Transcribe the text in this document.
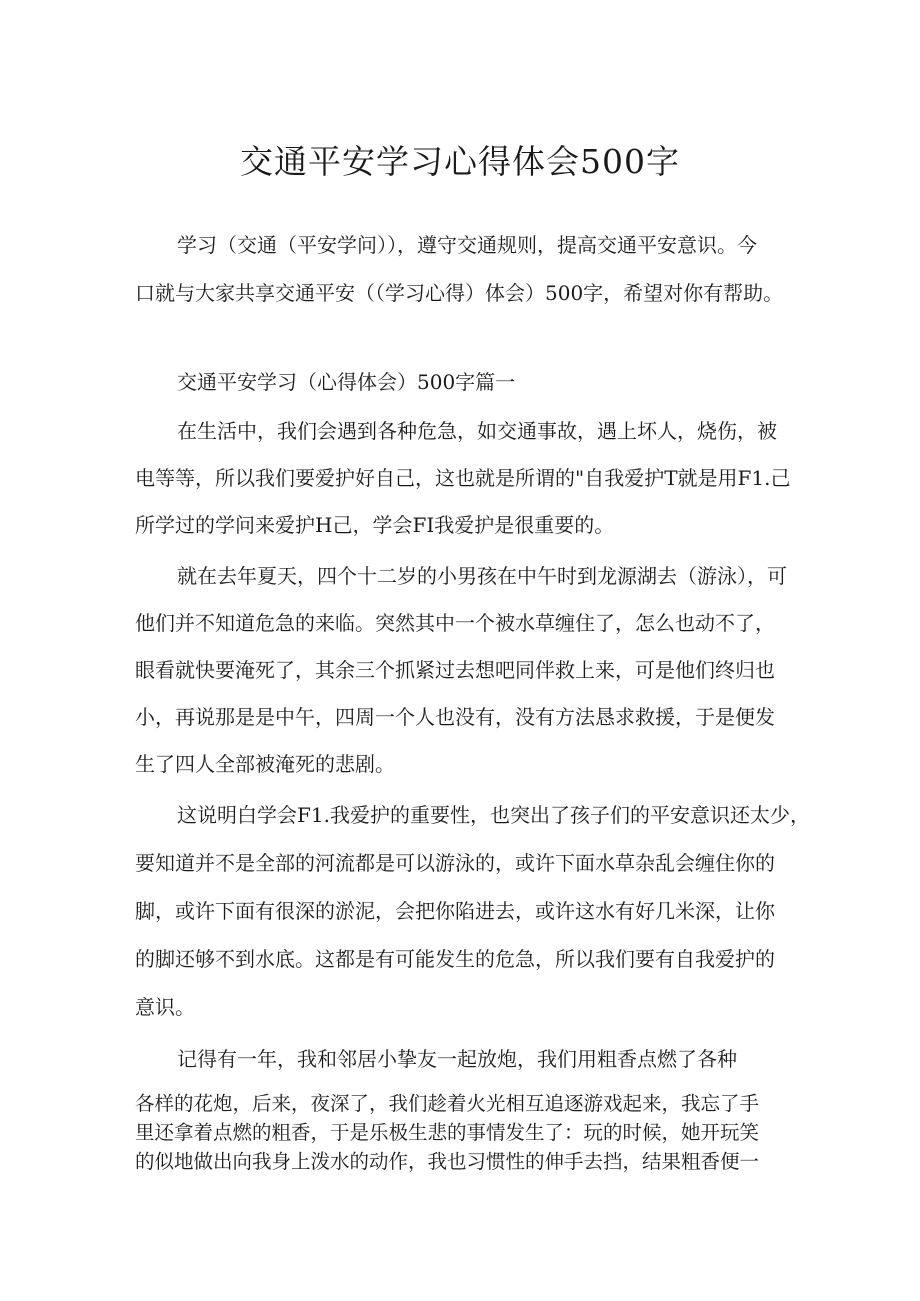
交通平安学习心得体会500字
学习（交通（平安学问）），遵守交通规则，提高交通平安意识。今
口就与大家共享交通平安（（学习心得）体会）500字，希望对你有帮助。
交通平安学习（心得体会）500字篇一
在生活中，我们会遇到各种危急，如交通事故，遇上坏人，烧伤，被
电等等，所以我们要爱护好自己，这也就是所谓的"自我爱护T就是用F1.己
所学过的学问来爱护H己，学会FI我爱护是很重要的。
就在去年夏天，四个十二岁的小男孩在中午时到龙源湖去（游泳），可
他们并不知道危急的来临。突然其中一个被水草缠住了，怎么也动不了，
眼看就快要淹死了，其余三个抓紧过去想吧同伴救上来，可是他们终归也
小，再说那是是中午，四周一个人也没有，没有方法恳求救援，于是便发
生了四人全部被淹死的悲剧。
这说明白学会F1.我爱护的重要性，也突出了孩子们的平安意识还太少，
要知道并不是全部的河流都是可以游泳的，或许下面水草杂乱会缠住你的
脚，或许下面有很深的淤泥，会把你陷进去，或许这水有好几米深，让你
的脚还够不到水底。这都是有可能发生的危急，所以我们要有自我爱护的
意识。
记得有一年，我和邻居小挚友一起放炮，我们用粗香点燃了各种
各样的花炮，后来，夜深了，我们趁着火光相互追逐游戏起来，我忘了手
里还拿着点燃的粗香，于是乐极生悲的事情发生了：玩的时候，她开玩笑
的似地做出向我身上泼水的动作，我也习惯性的伸手去挡，结果粗香便一
